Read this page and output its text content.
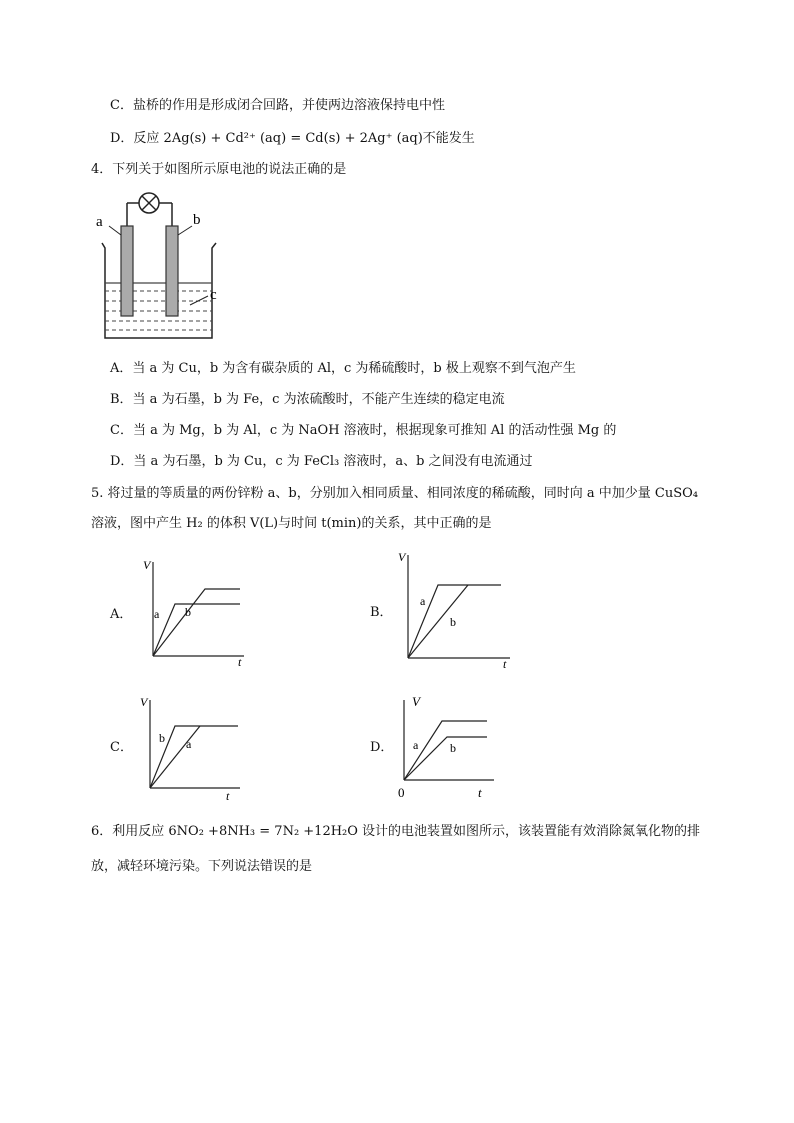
C．盐桥的作用是形成闭合回路，并使两边溶液保持电中性
D．反应 2Ag(s) + Cd²⁺ (aq) = Cd(s) + 2Ag⁺ (aq)不能发生
4．下列关于如图所示原电池的说法正确的是
a	b
c
A．当 a 为 Cu，b 为含有碳杂质的 Al，c 为稀硫酸时，b 极上观察不到气泡产生
B．当 a 为石墨，b 为 Fe，c 为浓硫酸时，不能产生连续的稳定电流
C．当 a 为 Mg，b 为 Al，c 为 NaOH 溶液时，根据现象可推知 Al 的活动性强 Mg 的
D．当 a 为石墨，b 为 Cu，c 为 FeCl₃ 溶液时，a、b 之间没有电流通过
5. 将过量的等质量的两份锌粉 a、b，分别加入相同质量、相同浓度的稀硫酸，同时向 a 中加少量 CuSO₄
溶液，图中产生 H₂ 的体积 V(L)与时间 t(min)的关系，其中正确的是
A．
V
t
a b	B．
V
t
a
b
C．
V
t
b a	D．
V
t
0
a	b
6．利用反应 6NO₂ +8NH₃ = 7N₂ +12H₂O 设计的电池装置如图所示，该装置能有效消除氮氧化物的排
放，减轻环境污染。下列说法错误的是
